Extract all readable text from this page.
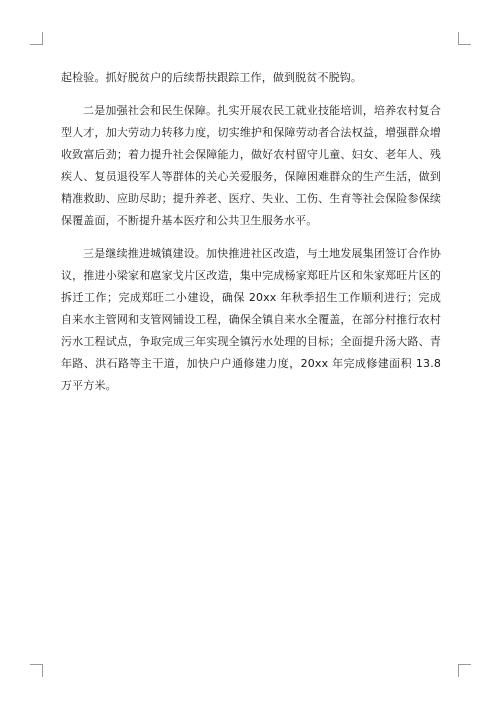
起检验。抓好脱贫户的后续帮扶跟踪工作，做到脱贫不脱钩。

二是加强社会和民生保障。扎实开展农民工就业技能培训，培养农村复合型人才，加大劳动力转移力度，切实维护和保障劳动者合法权益，增强群众增收致富后劲；着力提升社会保障能力，做好农村留守儿童、妇女、老年人、残疾人、复员退役军人等群体的关心关爱服务，保障困难群众的生产生活，做到精准救助、应助尽助；提升养老、医疗、失业、工伤、生育等社会保险参保续保覆盖面，不断提升基本医疗和公共卫生服务水平。

三是继续推进城镇建设。加快推进社区改造，与土地发展集团签订合作协议，推进小梁家和扈家戈片区改造，集中完成杨家郑旺片区和朱家郑旺片区的拆迁工作；完成郑旺二小建设，确保 20xx 年秋季招生工作顺利进行；完成自来水主管网和支管网铺设工程，确保全镇自来水全覆盖，在部分村推行农村污水工程试点，争取完成三年实现全镇污水处理的目标；全面提升汤大路、青年路、洪石路等主干道，加快户户通修建力度，20xx 年完成修建面积 13.8 万平方米。
